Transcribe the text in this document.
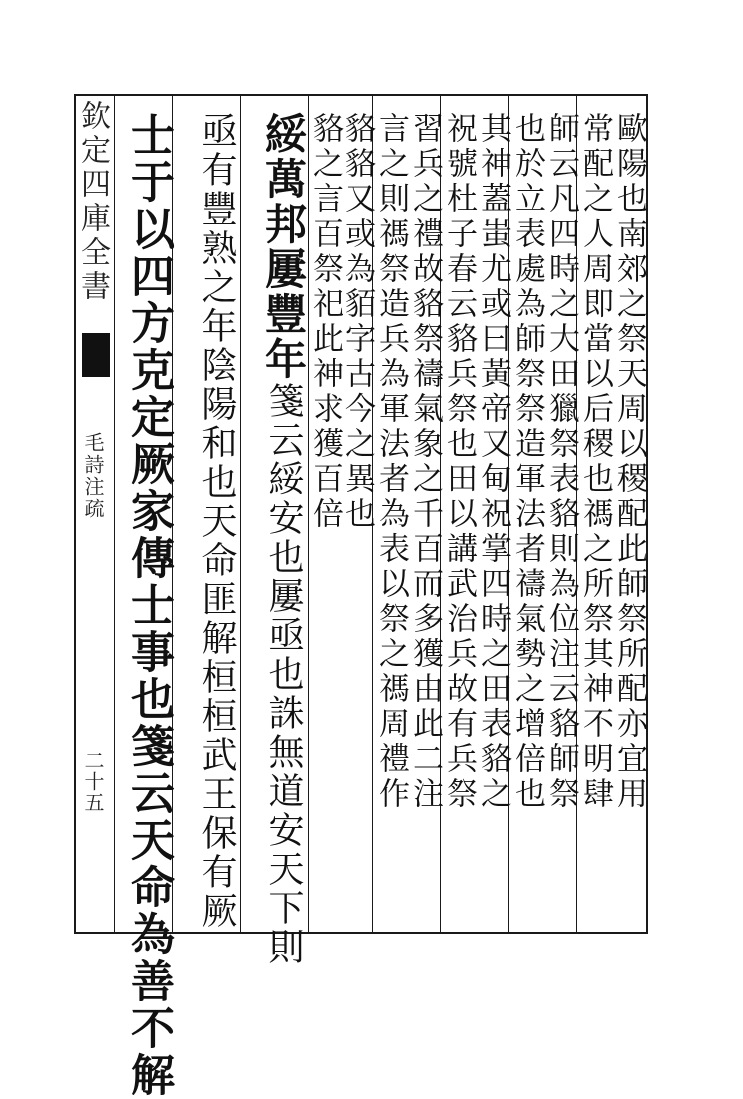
欽定四庫全書
毛詩注疏
二十五	歐陽也南郊之祭天周以稷配此師祭所配亦宜用
常配之人周即當以后稷也禡之所祭其神不明肆
師云凡四時之大田獵祭表貉則為位注云貉師祭
也於立表處為師祭祭造軍法者禱氣勢之增倍也
其神蓋蚩尤或曰黃帝又甸祝掌四時之田表貉之
祝號杜子春云貉兵祭也田以講武治兵故有兵祭
習兵之禮故貉祭禱氣象之千百而多獲由此二注
言之則禡祭造兵為軍法者為表以祭之禡周禮作
貉貉又或為貊字古今之異也
貉之言百祭祀此神求獲百倍
綏萬邦屢豐年箋云綏安也屢亟也誅無道安天下則
亟有豐熟之年陰陽和也天命匪解桓桓武王保有厥
士于以四方克定厥家傳士事也箋云天命為善不解
